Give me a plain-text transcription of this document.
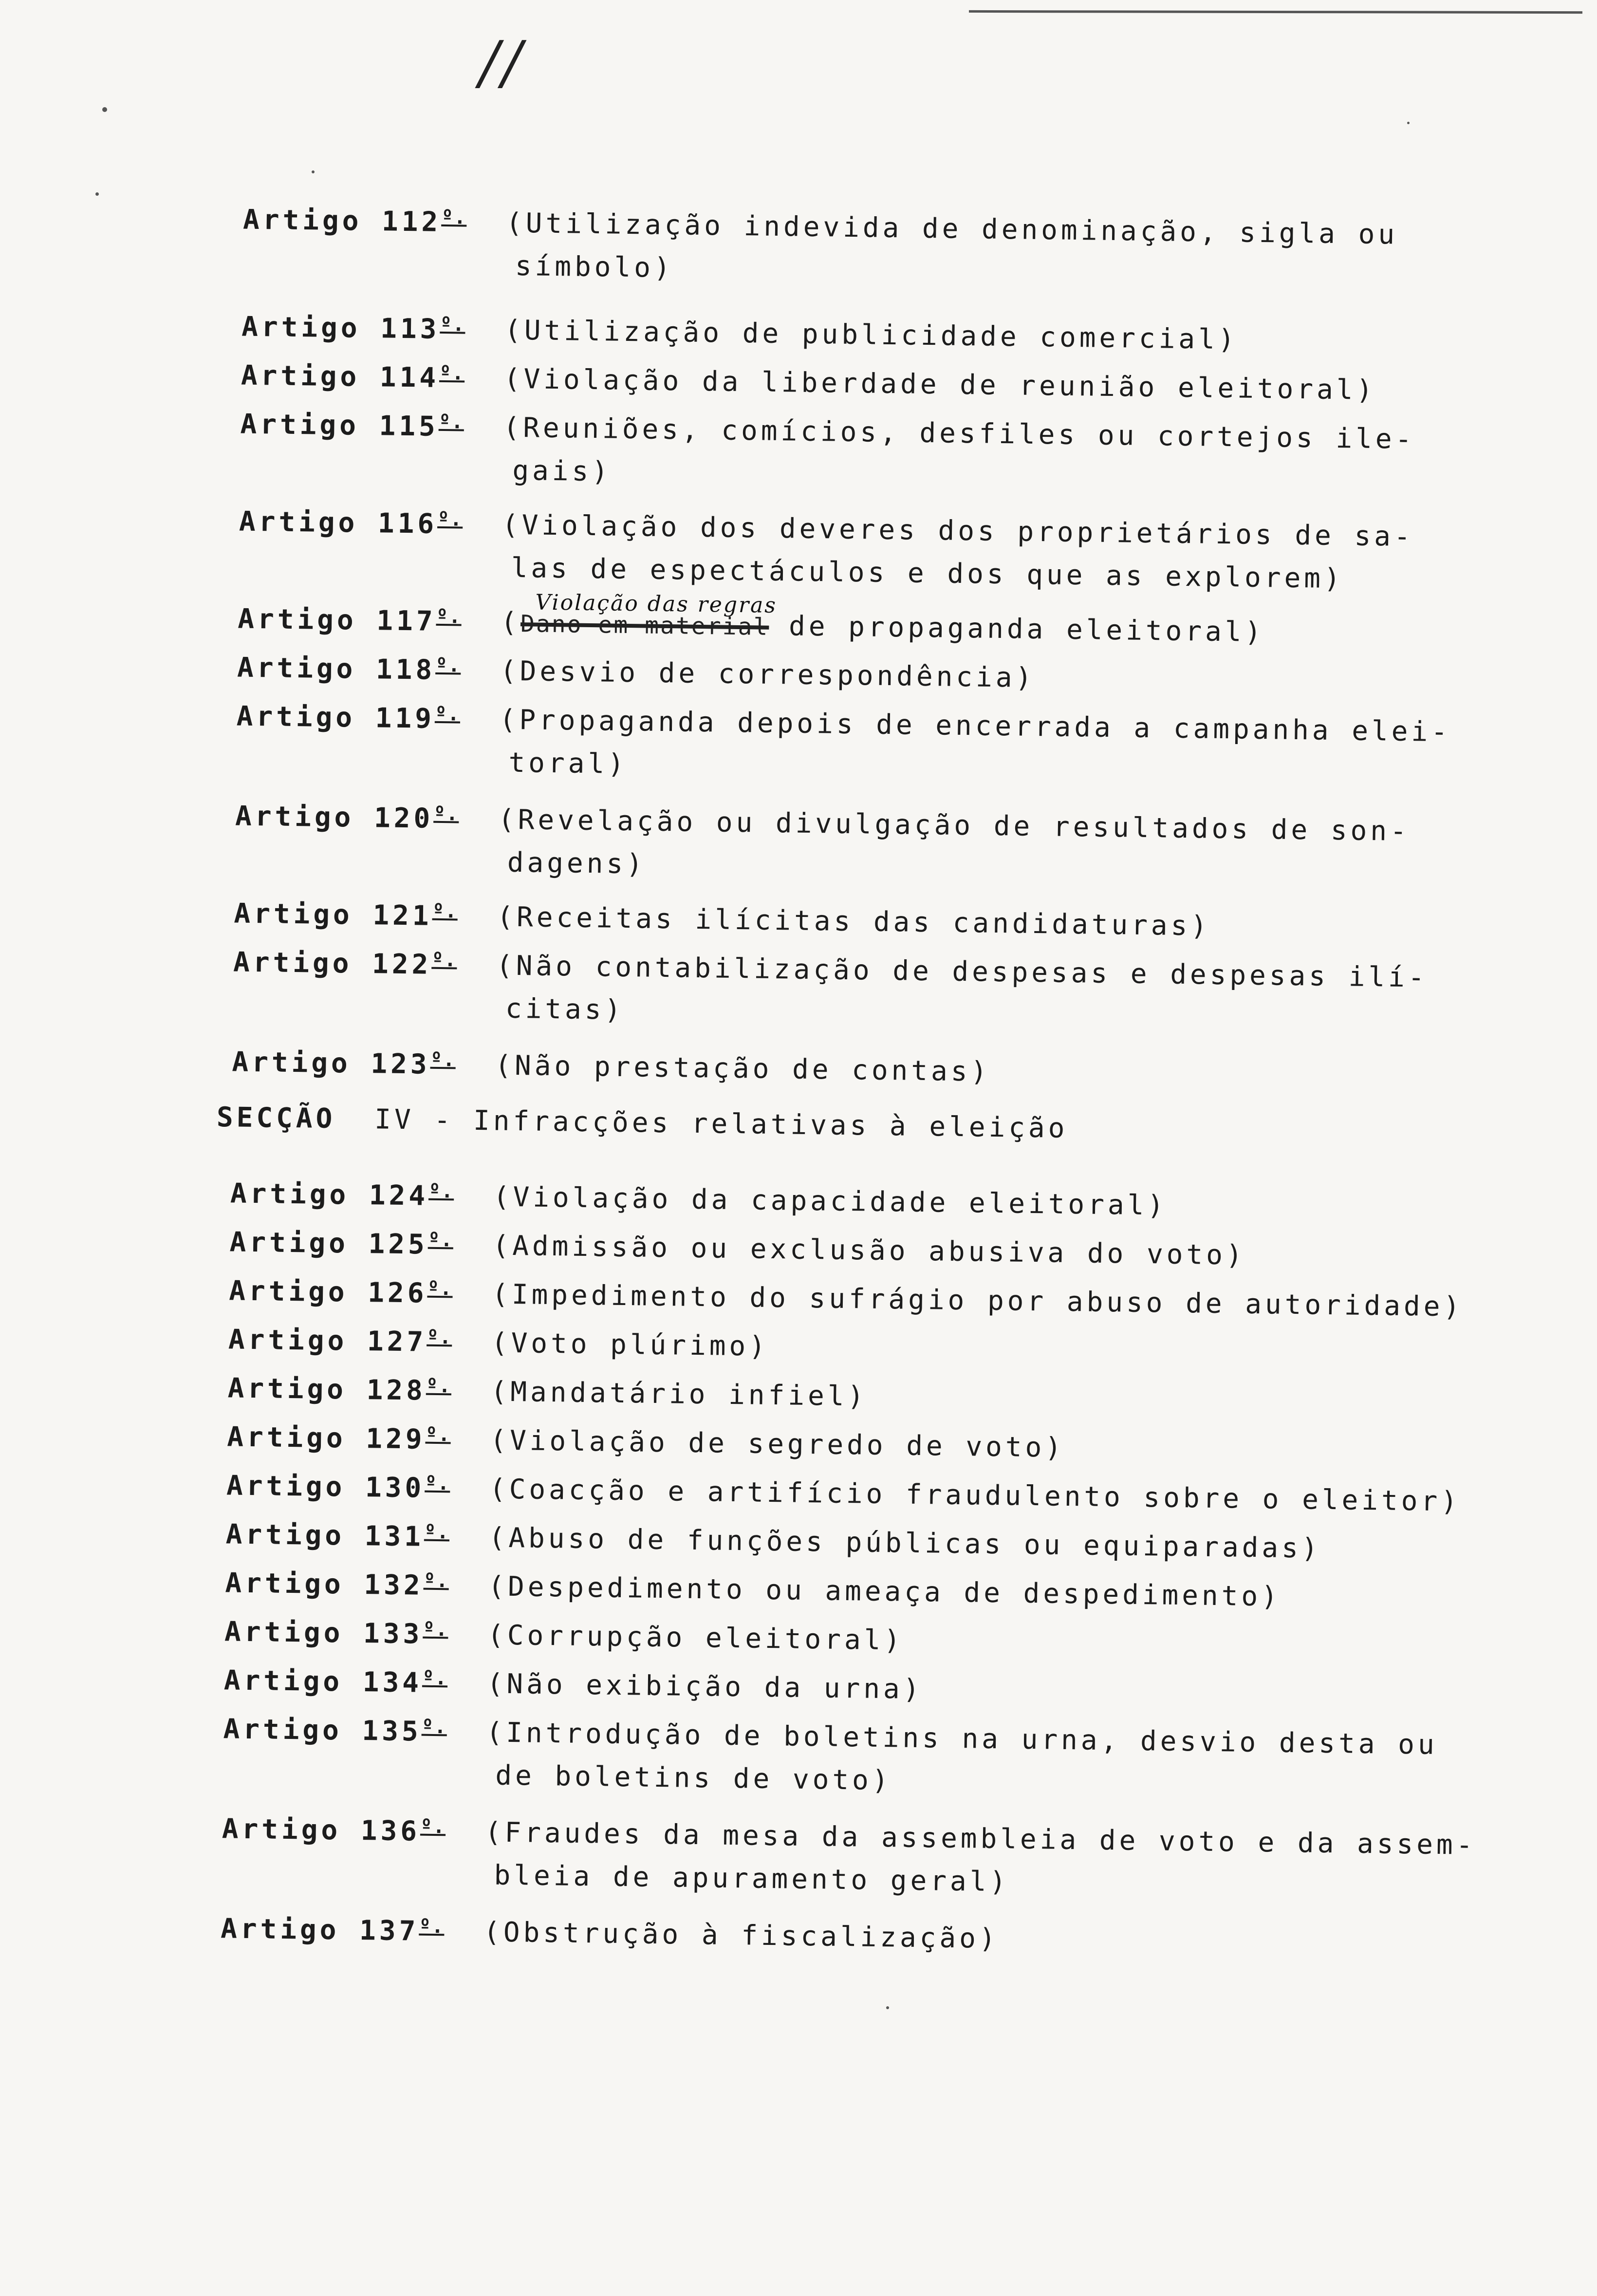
//
Artigo $112^{º.}$ (Utilização indevida de denominação, sigla ou
símbolo)
Artigo $113^{º.}$ (Utilização de publicidade comercial)
Artigo $114^{º.}$ (Violação da liberdade de reunião eleitoral)
Artigo $115^{º.}$ (Reuniões, comícios, desfiles ou cortejos ile-
gais)
Artigo $116^{º.}$ (Violação dos deveres dos proprietários de sa-
las de espectáculos e dos que as explorem)
Artigo $117^{º.}$ (Dano em material
Violação das regras
de propaganda eleitoral)
Artigo $118^{º.}$ (Desvio de correspondência)
Artigo $119^{º.}$ (Propaganda depois de encerrada a campanha elei-
toral)
Artigo $120^{º.}$ (Revelação ou divulgação de resultados de son-
dagens)
Artigo $121^{º.}$ (Receitas ilícitas das candidaturas)
Artigo $122^{º.}$ (Não contabilização de despesas e despesas ilí-
citas)
Artigo $123^{º.}$ (Não prestação de contas)
SECÇÃO IV - Infracções relativas à eleição
Artigo $124^{º.}$ (Violação da capacidade eleitoral)
Artigo $125^{º.}$ (Admissão ou exclusão abusiva do voto)
Artigo $126^{º.}$ (Impedimento do sufrágio por abuso de autoridade)
Artigo $127^{º.}$ (Voto plúrimo)
Artigo $128^{º.}$ (Mandatário infiel)
Artigo $129^{º.}$ (Violação de segredo de voto)
Artigo $130^{º.}$ (Coacção e artifício fraudulento sobre o eleitor)
Artigo $131^{º.}$ (Abuso de funções públicas ou equiparadas)
Artigo $132^{º.}$ (Despedimento ou ameaça de despedimento)
Artigo $133^{º.}$ (Corrupção eleitoral)
Artigo $134^{º.}$ (Não exibição da urna)
Artigo $135^{º.}$ (Introdução de boletins na urna, desvio desta ou
de boletins de voto)
Artigo $136^{º.}$ (Fraudes da mesa da assembleia de voto e da assem-
bleia de apuramento geral)
Artigo $137^{º.}$ (Obstrução à fiscalização)
